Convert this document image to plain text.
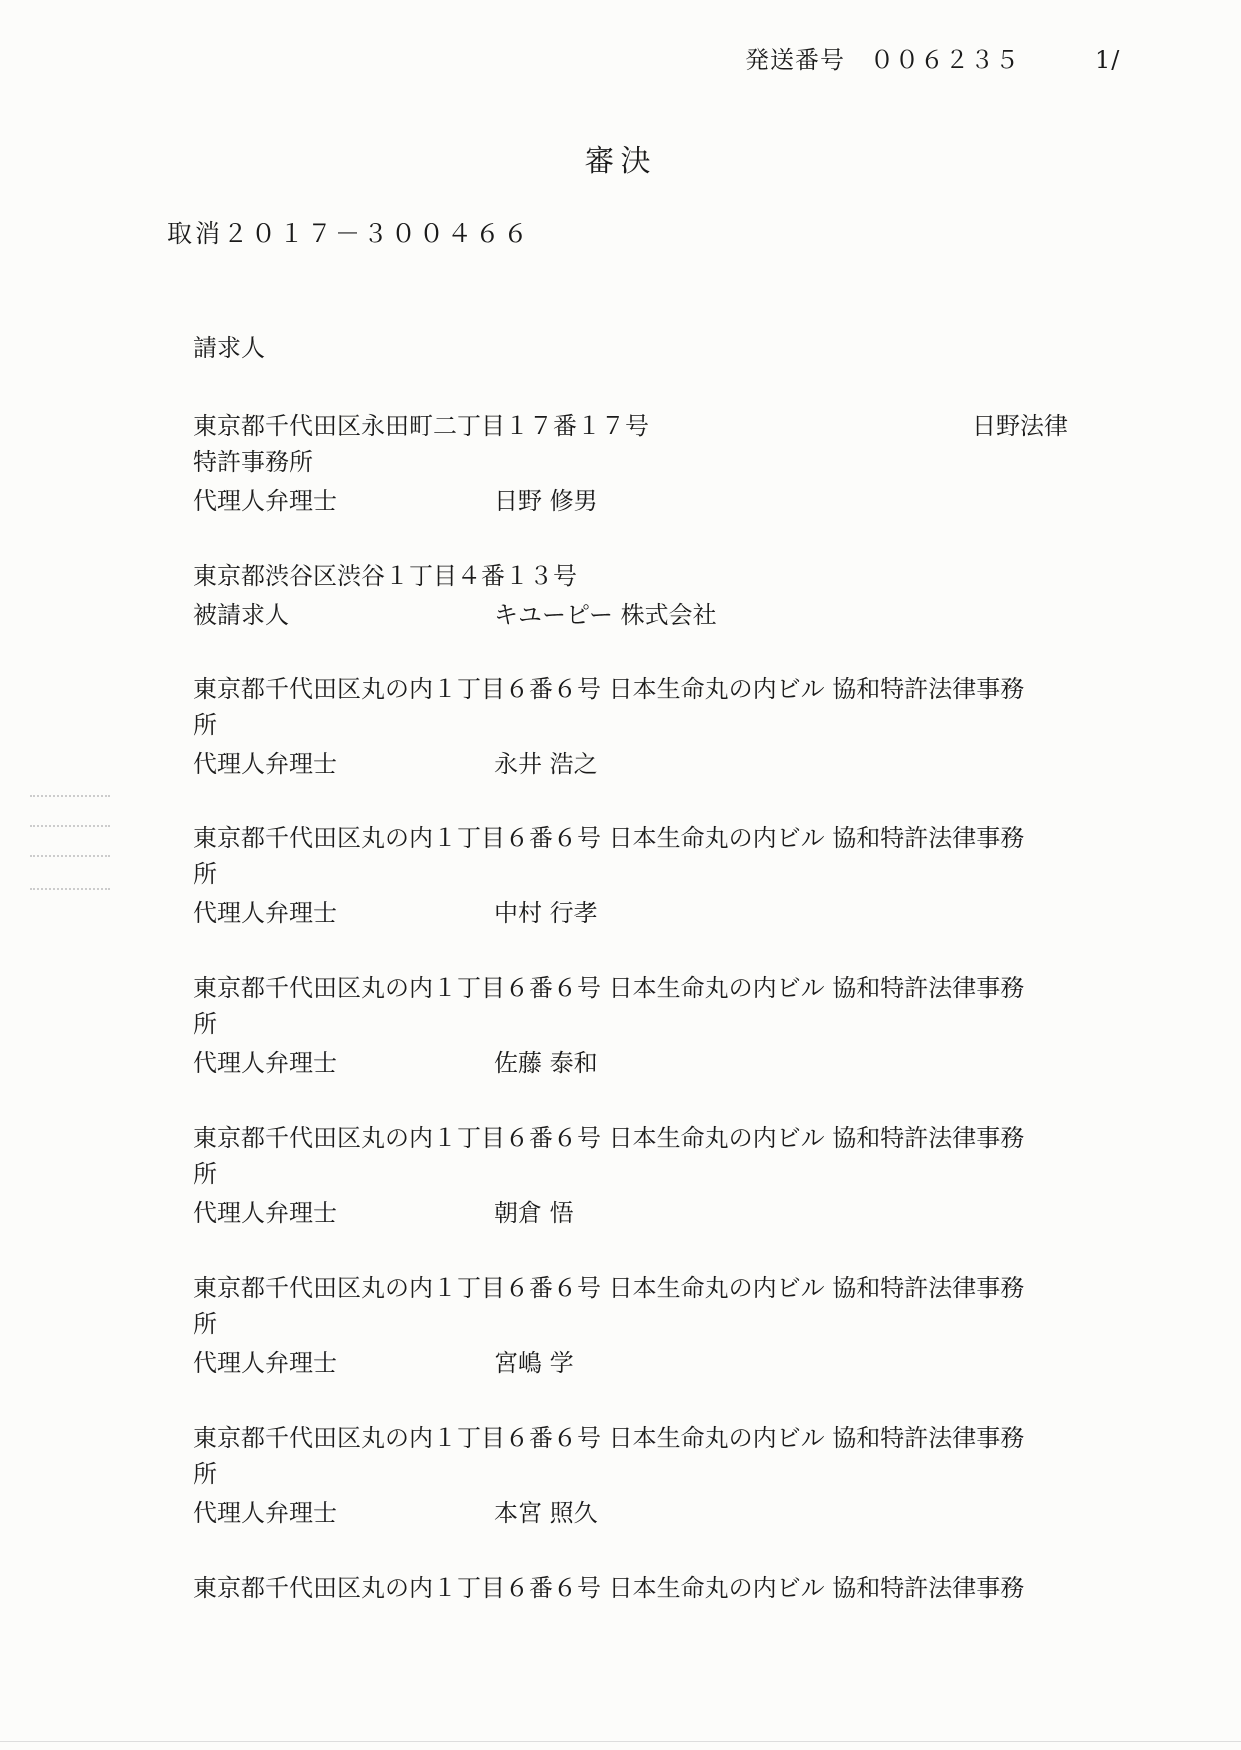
発送番号　 ００６２３５　　　	1/
審決
取消２０１７－３００４６６
請求人
東京都千代田区永田町二丁目１７番１７号	日野法律
特許事務所
代理人弁理士	日野 修男
東京都渋谷区渋谷１丁目４番１３号
被請求人	キユーピー 株式会社
東京都千代田区丸の内１丁目６番６号 日本生命丸の内ビル 協和特許法律事務
所
代理人弁理士	永井 浩之
東京都千代田区丸の内１丁目６番６号 日本生命丸の内ビル 協和特許法律事務
所
代理人弁理士	中村 行孝
東京都千代田区丸の内１丁目６番６号 日本生命丸の内ビル 協和特許法律事務
所
代理人弁理士	佐藤 泰和
東京都千代田区丸の内１丁目６番６号 日本生命丸の内ビル 協和特許法律事務
所
代理人弁理士	朝倉 悟
東京都千代田区丸の内１丁目６番６号 日本生命丸の内ビル 協和特許法律事務
所
代理人弁理士	宮嶋 学
東京都千代田区丸の内１丁目６番６号 日本生命丸の内ビル 協和特許法律事務
所
代理人弁理士	本宮 照久
東京都千代田区丸の内１丁目６番６号 日本生命丸の内ビル 協和特許法律事務
